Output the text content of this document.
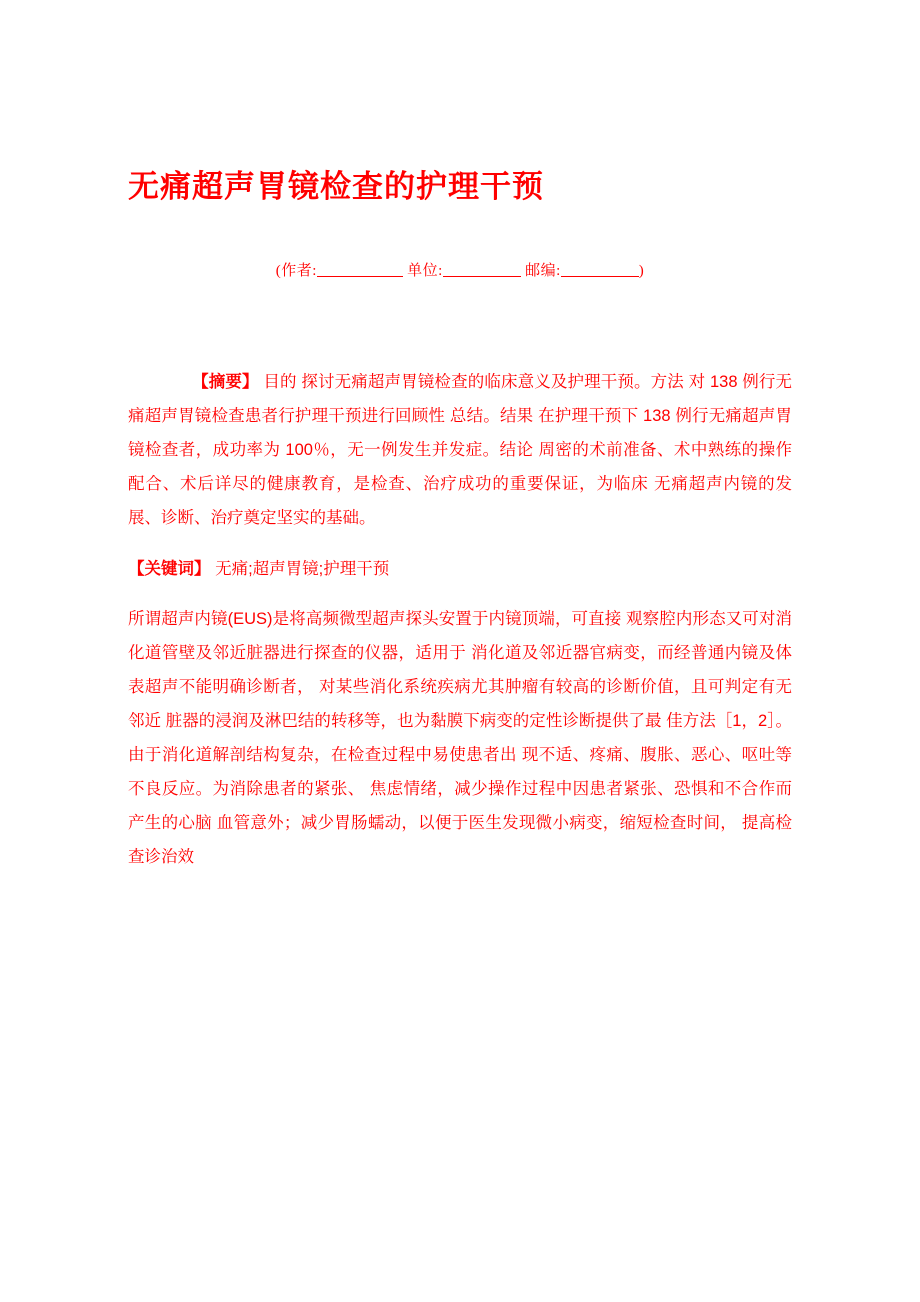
无痛超声胃镜检查的护理干预
(作者:	单位:	邮编:	)

【摘要】 目的 探讨无痛超声胃镜检查的临床意义及护理干预。方法 对 138 例行无痛超声胃镜检查患者行护理干预进行回顾性 总结。结果 在护理干预下 138 例行无痛超声胃镜检查者，成功率为 100％，无一例发生并发症。结论 周密的术前准备、术中熟练的操作 配合、术后详尽的健康教育，是检查、治疗成功的重要保证，为临床 无痛超声内镜的发展、诊断、治疗奠定坚实的基础。

【关键词】 无痛;超声胃镜;护理干预

所谓超声内镜(EUS)是将高频微型超声探头安置于内镜顶端，可直接 观察腔内形态又可对消化道管壁及邻近脏器进行探查的仪器，适用于 消化道及邻近器官病变，而经普通内镜及体表超声不能明确诊断者， 对某些消化系统疾病尤其肿瘤有较高的诊断价值，且可判定有无邻近 脏器的浸润及淋巴结的转移等，也为黏膜下病变的定性诊断提供了最 佳方法［1，2］。由于消化道解剖结构复杂，在检查过程中易使患者出 现不适、疼痛、腹胀、恶心、呕吐等不良反应。为消除患者的紧张、 焦虑情绪，减少操作过程中因患者紧张、恐惧和不合作而产生的心脑 血管意外；减少胃肠蠕动，以便于医生发现微小病变，缩短检查时间， 提高检查诊治效
